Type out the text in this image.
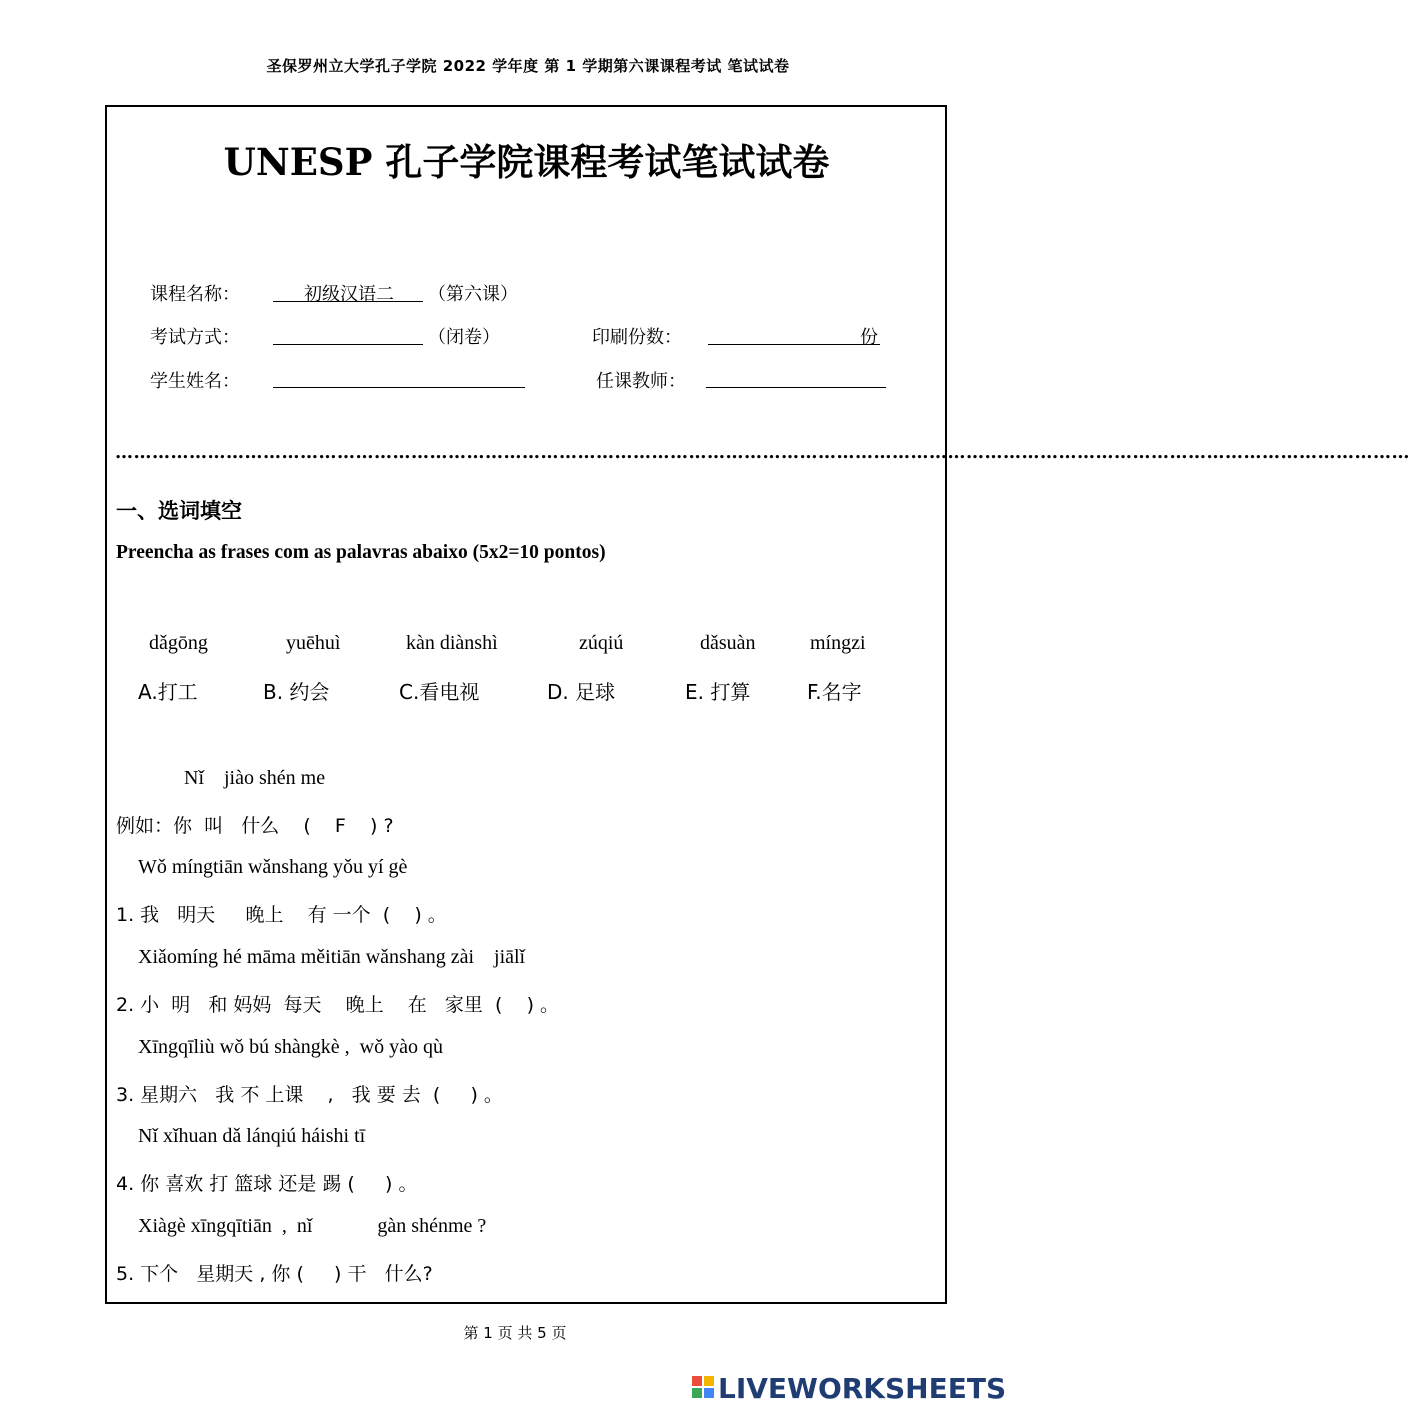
圣保罗州立大学孔子学院 2022 学年度 第 1 学期第六课课程考试 笔试试卷
UNESP 孔子学院课程考试笔试试卷
课程名称：	初级汉语二 （第六课）
考试方式：	（闭卷）	印刷份数：	份
学生姓名：	任课教师：
…………………………………………………………………………………………………………………………………………………………………………………………
一、选词填空
Preencha as frases com as palavras abaixo (5x2=10 pontos)
dǎgōng	yuēhuì	kàn diànshì	zúqiú	dǎsuàn	míngzi
A.打工	B. 约会	C.看电视	D. 足球	E. 打算	F.名字
Nǐ    jiào shén me
例如：你  叫   什么    (    F    ) ?
Wǒ míngtiān wǎnshang yǒu yí gè
1. 我   明天     晚上    有 一个  (    ) 。
Xiǎomíng hé māma měitiān wǎnshang zài    jiālǐ
2. 小  明   和 妈妈  每天    晚上    在   家里  (    ) 。
Xīngqīliù wǒ bú shàngkè ,  wǒ yào qù
3. 星期六   我 不 上课    ,   我 要 去  (     ) 。
Nǐ xǐhuan dǎ lánqiú háishi tī
4. 你 喜欢 打 篮球 还是 踢 (     ) 。
Xiàgè xīngqītiān  ,  nǐ             gàn shénme ?
5. 下个   星期天 , 你 (     ) 干   什么?
第 1 页 共 5 页
LIVEWORKSHEETS
